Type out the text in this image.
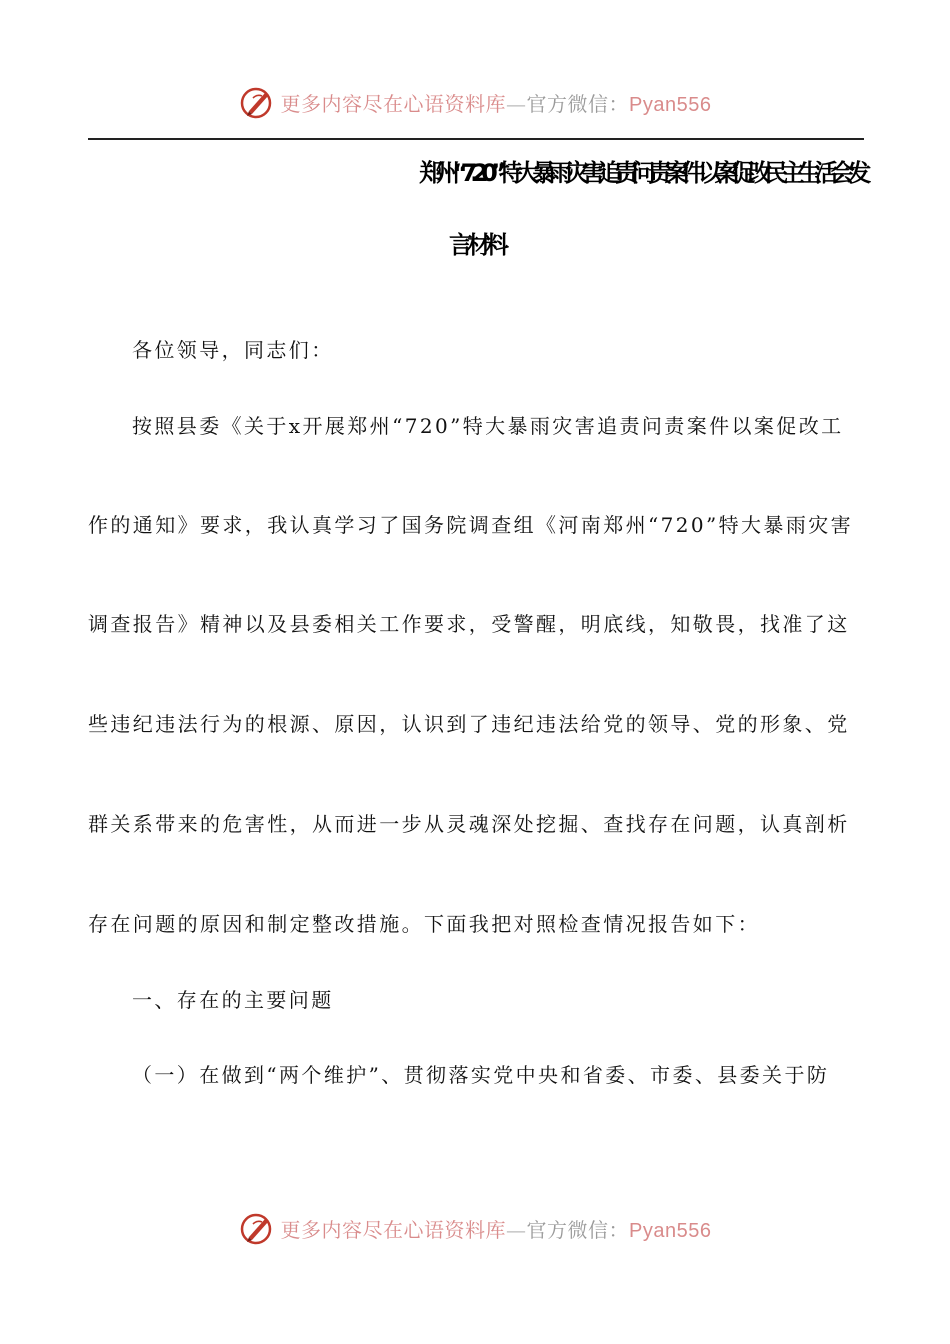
更多内容尽在心语资料库—官方微信：Pyan556
郑州“7.20”特大暴雨灾害追责问责案件以案促改民主生活会发
言材料
各位领导，同志们：
按照县委《关于x开展郑州“720”特大暴雨灾害追责问责案件以案促改工
作的通知》要求，我认真学习了国务院调查组《河南郑州“720”特大暴雨灾害
调查报告》精神以及县委相关工作要求，受警醒，明底线，知敬畏，找准了这
些违纪违法行为的根源、原因，认识到了违纪违法给党的领导、党的形象、党
群关系带来的危害性，从而进一步从灵魂深处挖掘、查找存在问题，认真剖析
存在问题的原因和制定整改措施。下面我把对照检查情况报告如下：
一、存在的主要问题
（一）在做到“两个维护”、贯彻落实党中央和省委、市委、县委关于防
更多内容尽在心语资料库—官方微信：Pyan556
